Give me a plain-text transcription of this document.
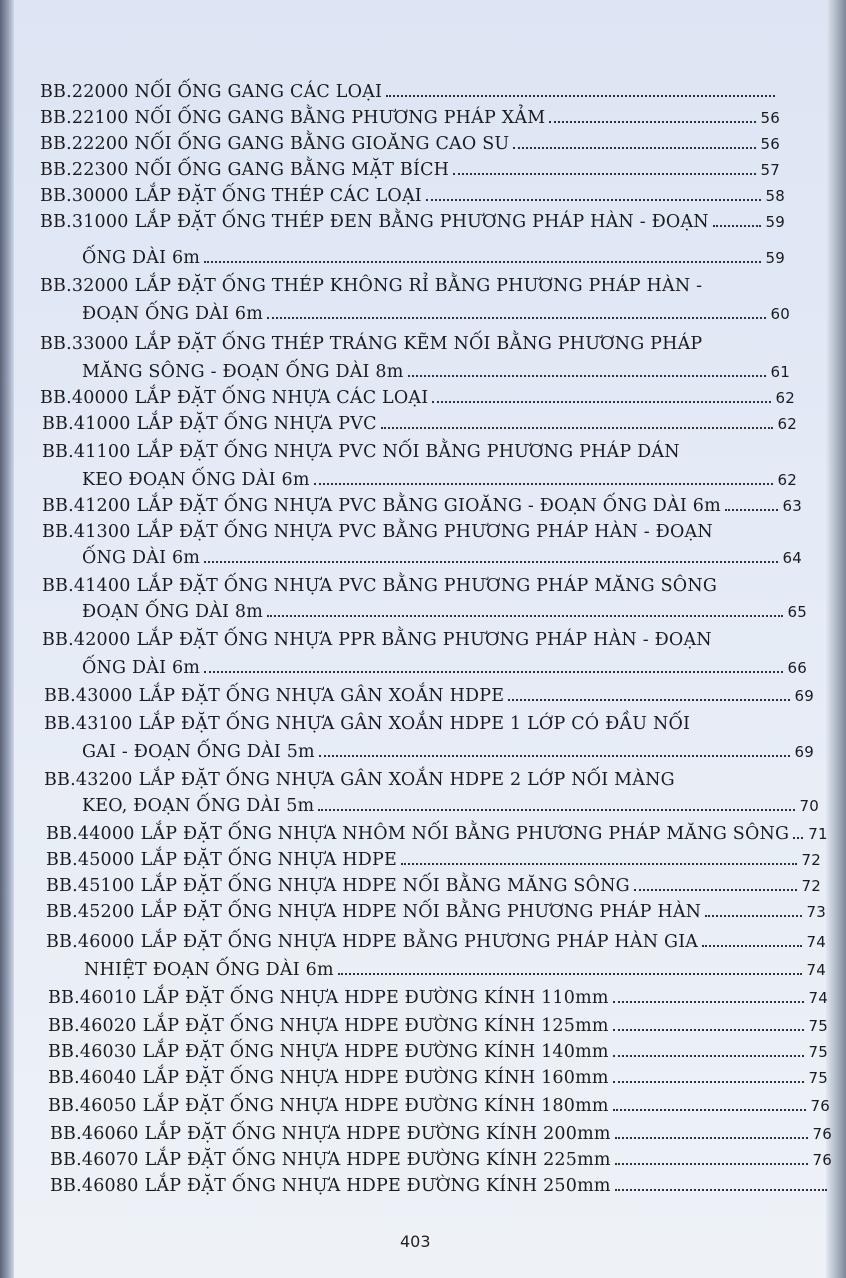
BB.22000 NỐI ỐNG GANG CÁC LOẠI
BB.22100 NỐI ỐNG GANG BẰNG PHƯƠNG PHÁP XẢM	56
BB.22200 NỐI ỐNG GANG BẰNG GIOĂNG CAO SU	56
BB.22300 NỐI ỐNG GANG BẰNG MẶT BÍCH	57
BB.30000 LẮP ĐẶT ỐNG THÉP CÁC LOẠI	58
BB.31000 LẮP ĐẶT ỐNG THÉP ĐEN BẰNG PHƯƠNG PHÁP HÀN - ĐOẠN	59
ỐNG DÀI 6m	59
BB.32000 LẮP ĐẶT ỐNG THÉP KHÔNG RỈ BẰNG PHƯƠNG PHÁP HÀN -
ĐOẠN ỐNG DÀI 6m	60
BB.33000 LẮP ĐẶT ỐNG THÉP TRÁNG KẼM NỐI BẰNG PHƯƠNG PHÁP
MĂNG SÔNG - ĐOẠN ỐNG DÀI 8m	61
BB.40000 LẮP ĐẶT ỐNG NHỰA CÁC LOẠI	62
BB.41000 LẮP ĐẶT ỐNG NHỰA PVC	62
BB.41100 LẮP ĐẶT ỐNG NHỰA PVC NỐI BẰNG PHƯƠNG PHÁP DÁN
KEO ĐOẠN ỐNG DÀI 6m	62
BB.41200 LẮP ĐẶT ỐNG NHỰA PVC BẰNG GIOĂNG - ĐOẠN ỐNG DÀI 6m	63
BB.41300 LẮP ĐẶT ỐNG NHỰA PVC BẰNG PHƯƠNG PHÁP HÀN - ĐOẠN
ỐNG DÀI 6m	64
BB.41400 LẮP ĐẶT ỐNG NHỰA PVC BẰNG PHƯƠNG PHÁP MĂNG SÔNG
ĐOẠN ỐNG DÀI 8m	65
BB.42000 LẮP ĐẶT ỐNG NHỰA PPR BẰNG PHƯƠNG PHÁP HÀN - ĐOẠN
ỐNG DÀI 6m	66
BB.43000 LẮP ĐẶT ỐNG NHỰA GÂN XOẮN HDPE	69
BB.43100 LẮP ĐẶT ỐNG NHỰA GÂN XOẮN HDPE 1 LỚP CÓ ĐẦU NỐI
GAI - ĐOẠN ỐNG DÀI 5m	69
BB.43200 LẮP ĐẶT ỐNG NHỰA GÂN XOẮN HDPE 2 LỚP NỐI MÀNG
KEO, ĐOẠN ỐNG DÀI 5m	70
BB.44000 LẮP ĐẶT ỐNG NHỰA NHÔM NỐI BẰNG PHƯƠNG PHÁP MĂNG SÔNG 71
BB.45000 LẮP ĐẶT ỐNG NHỰA HDPE	72
BB.45100 LẮP ĐẶT ỐNG NHỰA HDPE NỐI BẰNG MĂNG SÔNG	72
BB.45200 LẮP ĐẶT ỐNG NHỰA HDPE NỐI BẰNG PHƯƠNG PHÁP HÀN	73
BB.46000 LẮP ĐẶT ỐNG NHỰA HDPE BẰNG PHƯƠNG PHÁP HÀN GIA	74
NHIỆT ĐOẠN ỐNG DÀI 6m	74
BB.46010 LẮP ĐẶT ỐNG NHỰA HDPE ĐƯỜNG KÍNH 110mm	74
BB.46020 LẮP ĐẶT ỐNG NHỰA HDPE ĐƯỜNG KÍNH 125mm	75
BB.46030 LẮP ĐẶT ỐNG NHỰA HDPE ĐƯỜNG KÍNH 140mm	75
BB.46040 LẮP ĐẶT ỐNG NHỰA HDPE ĐƯỜNG KÍNH 160mm	75
BB.46050 LẮP ĐẶT ỐNG NHỰA HDPE ĐƯỜNG KÍNH 180mm	76
BB.46060 LẮP ĐẶT ỐNG NHỰA HDPE ĐƯỜNG KÍNH 200mm	76
BB.46070 LẮP ĐẶT ỐNG NHỰA HDPE ĐƯỜNG KÍNH 225mm	76
BB.46080 LẮP ĐẶT ỐNG NHỰA HDPE ĐƯỜNG KÍNH 250mm
403
